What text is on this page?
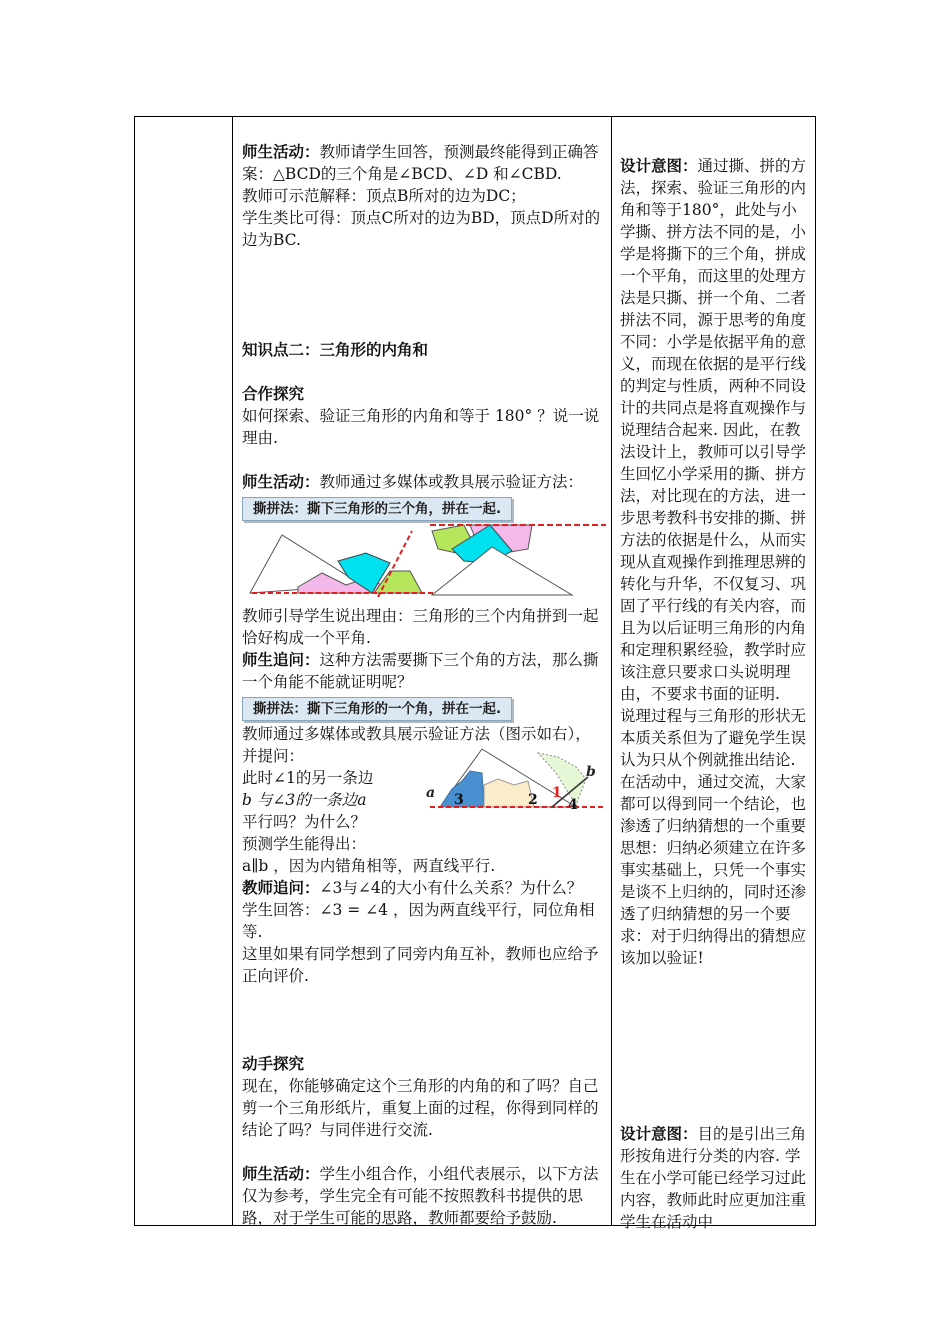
师生活动：教师请学生回答，预测最终能得到正确答案：△BCD的三个角是∠BCD、∠D 和∠CBD.

教师可示范解释：顶点B所对的边为DC；

学生类比可得：顶点C所对的边为BD，顶点D所对的边为BC.

知识点二：三角形的内角和

合作探究

如何探索、验证三角形的内角和等于 180° ？说一说理由.

师生活动：教师通过多媒体或教具展示验证方法：

撕拼法：撕下三角形的三个角，拼在一起.

教师引导学生说出理由：三角形的三个内角拼到一起恰好构成一个平角.

师生追问：这种方法需要撕下三个角的方法，那么撕一个角能不能就证明呢？

撕拼法：撕下三角形的一个角，拼在一起.

教师通过多媒体或教具展示验证方法（图示如右），并提问：

此时∠1的另一条边

b 与∠3的一条边a

平行吗？为什么？

a
b
3	2 1
4

预测学生能得出：

a∥b ，因为内错角相等，两直线平行.

教师追问：∠3与∠4的大小有什么关系？为什么？

学生回答：∠3 = ∠4 ，因为两直线平行，同位角相等.

这里如果有同学想到了同旁内角互补，教师也应给予正向评价.

动手探究

现在，你能够确定这个三角形的内角的和了吗？自己剪一个三角形纸片，重复上面的过程，你得到同样的结论了吗？与同伴进行交流.

师生活动：学生小组合作，小组代表展示，以下方法仅为参考，学生完全有可能不按照教科书提供的思路，对于学生可能的思路，教师都要给予鼓励.

设计意图：通过撕、拼的方法，探索、验证三角形的内角和等于180°，此处与小学撕、拼方法不同的是，小学是将撕下的三个角，拼成一个平角，而这里的处理方法是只撕、拼一个角、二者拼法不同，源于思考的角度不同：小学是依据平角的意义，而现在依据的是平行线的判定与性质，两种不同设计的共同点是将直观操作与说理结合起来. 因此，在教法设计上，教师可以引导学生回忆小学采用的撕、拼方法，对比现在的方法，进一步思考教科书安排的撕、拼方法的依据是什么，从而实现从直观操作到推理思辨的转化与升华，不仅复习、巩固了平行线的有关内容，而且为以后证明三角形的内角和定理积累经验，教学时应该注意只要求口头说明理由，不要求书面的证明.

说理过程与三角形的形状无本质关系但为了避免学生误认为只从个例就推出结论.

在活动中，通过交流，大家都可以得到同一个结论，也渗透了归纳猜想的一个重要思想：归纳必须建立在许多事实基础上，只凭一个事实是谈不上归纳的，同时还渗透了归纳猜想的另一个要求：对于归纳得出的猜想应该加以验证!

设计意图：目的是引出三角形按角进行分类的内容. 学生在小学可能已经学习过此内容，教师此时应更加注重学生在活动中
